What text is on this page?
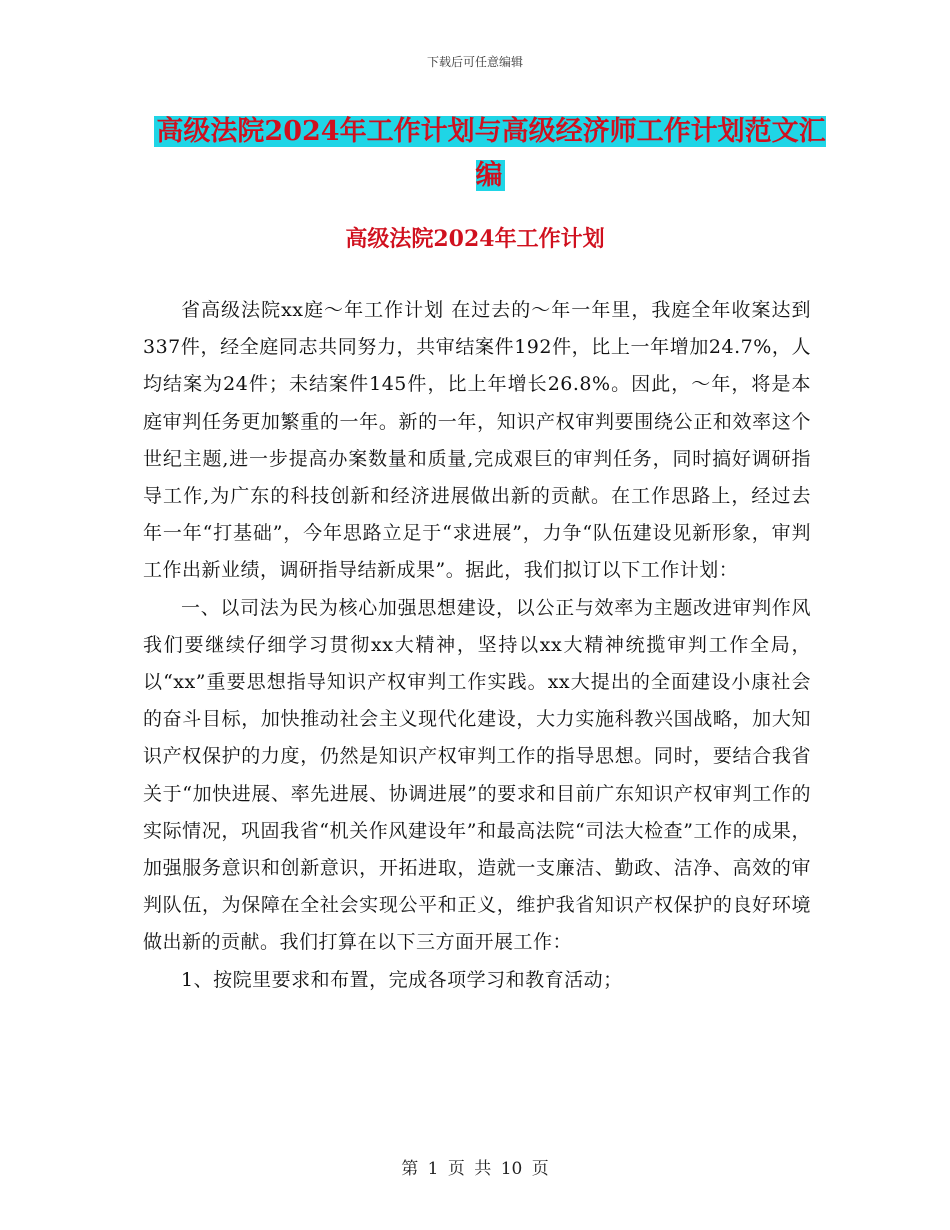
下载后可任意编辑
高级法院2024年工作计划与高级经济师工作计划范文汇编
高级法院2024年工作计划

省高级法院xx庭～年工作计划 在过去的～年一年里，我庭全年收案达到337件，经全庭同志共同努力，共审结案件192件，比上一年增加24.7%，人均结案为24件；未结案件145件，比上年增长26.8%。因此，～年，将是本庭审判任务更加繁重的一年。新的一年，知识产权审判要围绕公正和效率这个世纪主题,进一步提高办案数量和质量,完成艰巨的审判任务，同时搞好调研指导工作,为广东的科技创新和经济进展做出新的贡献。在工作思路上，经过去年一年“打基础”，今年思路立足于“求进展”，力争“队伍建设见新形象，审判工作出新业绩，调研指导结新成果”。据此，我们拟订以下工作计划：

一、以司法为民为核心加强思想建设，以公正与效率为主题改进审判作风 我们要继续仔细学习贯彻xx大精神，坚持以xx大精神统揽审判工作全局，以“xx”重要思想指导知识产权审判工作实践。xx大提出的全面建设小康社会的奋斗目标，加快推动社会主义现代化建设，大力实施科教兴国战略，加大知识产权保护的力度，仍然是知识产权审判工作的指导思想。同时，要结合我省关于“加快进展、率先进展、协调进展”的要求和目前广东知识产权审判工作的实际情况，巩固我省“机关作风建设年”和最高法院“司法大检查”工作的成果，加强服务意识和创新意识，开拓进取，造就一支廉洁、勤政、洁净、高效的审判队伍，为保障在全社会实现公平和正义，维护我省知识产权保护的良好环境做出新的贡献。我们打算在以下三方面开展工作：

1、按院里要求和布置，完成各项学习和教育活动；

第 1 页 共 10 页
